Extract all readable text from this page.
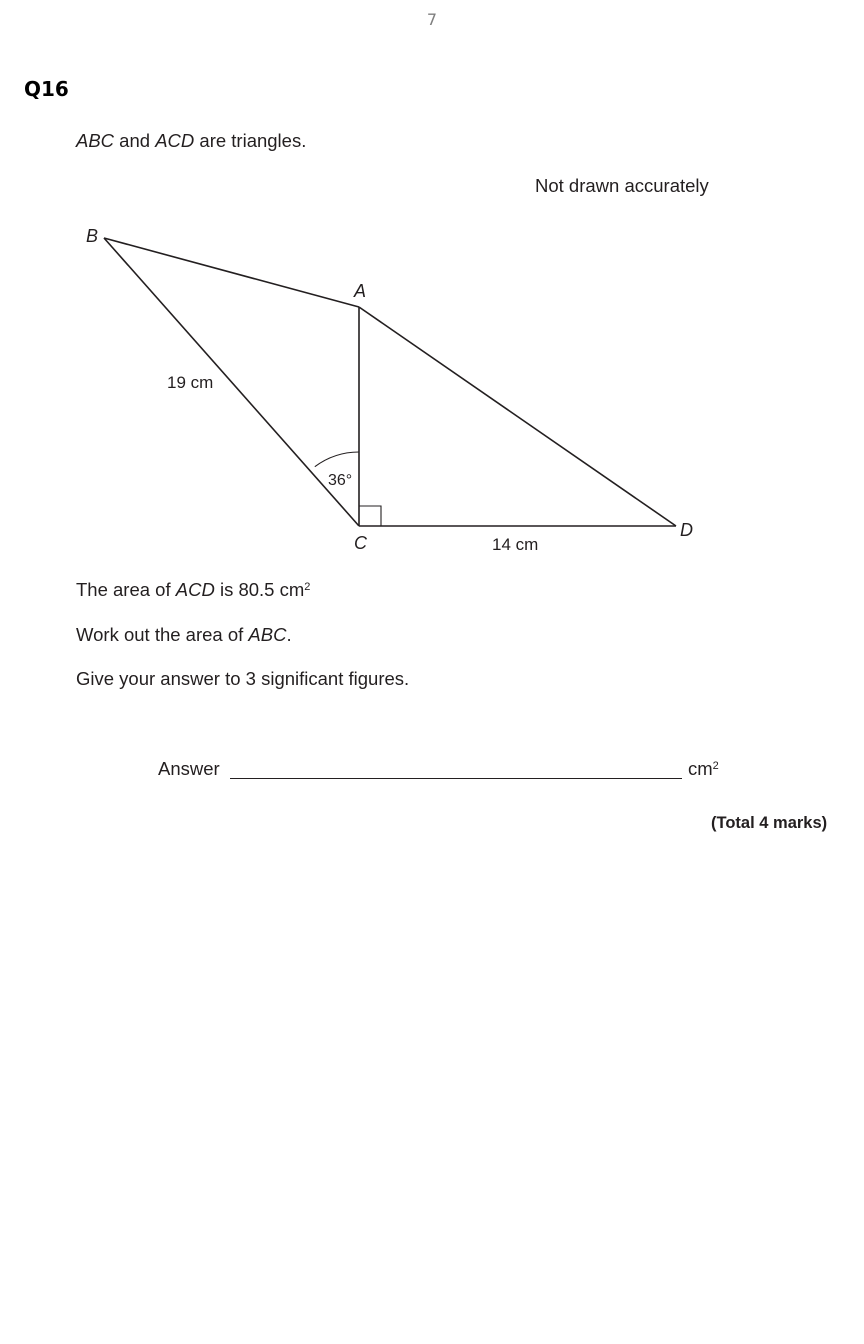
7
Q16
ABC and ACD are triangles.
Not drawn accurately
B
A
C
D
19 cm
14 cm
36°
The area of ACD is 80.5 $cm^2$
Work out the area of ABC.
Give your answer to 3 significant figures.
Answer	$cm^2$
(Total 4 marks)
